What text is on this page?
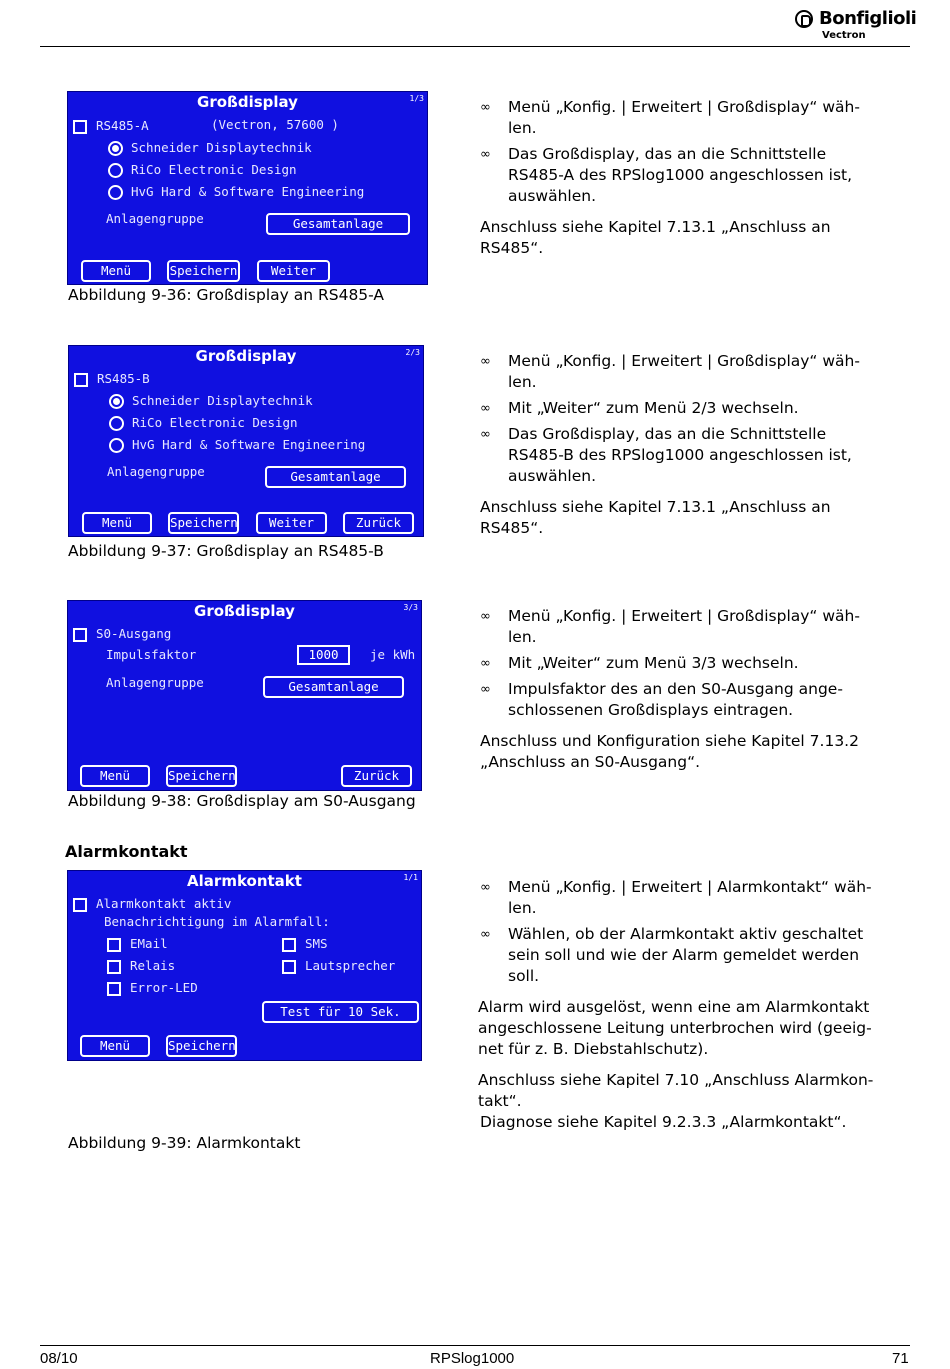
Bonfiglioli
Vectron
Großdisplay	1/3
RS485-A	(Vectron, 57600 )
Schneider Displaytechnik
RiCo Electronic Design
HvG Hard & Software Engineering
Anlagengruppe	Gesamtanlage
Menü	Speichern	Weiter
Abbildung 9-36: Großdisplay an RS485-A
∞ Menü „Konfig. | Erweitert | Großdisplay“ wäh-len.
∞ Das Großdisplay, das an die Schnittstelle RS485-A des RPSlog1000 angeschlossen ist, auswählen.

Anschluss siehe Kapitel 7.13.1 „Anschluss an RS485“.

Großdisplay	2/3
RS485-B
Schneider Displaytechnik
RiCo Electronic Design
HvG Hard & Software Engineering
Anlagengruppe	Gesamtanlage
Menü	Speichern	Weiter	Zurück
Abbildung 9-37: Großdisplay an RS485-B
∞ Menü „Konfig. | Erweitert | Großdisplay“ wäh-len.
∞ Mit „Weiter“ zum Menü 2/3 wechseln.
∞ Das Großdisplay, das an die Schnittstelle RS485-B des RPSlog1000 angeschlossen ist, auswählen.

Anschluss siehe Kapitel 7.13.1 „Anschluss an RS485“.

Großdisplay	3/3
S0-Ausgang
Impulsfaktor	1000	je kWh
Anlagengruppe	Gesamtanlage
Menü	Speichern	Zurück
Abbildung 9-38: Großdisplay am S0-Ausgang
∞ Menü „Konfig. | Erweitert | Großdisplay“ wäh-len.
∞ Mit „Weiter“ zum Menü 3/3 wechseln.
∞ Impulsfaktor des an den S0-Ausgang ange-schlossenen Großdisplays eintragen.

Anschluss und Konfiguration siehe Kapitel 7.13.2 „Anschluss an S0-Ausgang“.

Alarmkontakt
Alarmkontakt	1/1
Alarmkontakt aktiv
Benachrichtigung im Alarmfall:
EMail
Relais
Error-LED
SMS
Lautsprecher
Test für 10 Sek.
Menü	Speichern
Abbildung 9-39: Alarmkontakt
∞ Menü „Konfig. | Erweitert | Alarmkontakt“ wäh-len.
∞ Wählen, ob der Alarmkontakt aktiv geschaltet sein soll und wie der Alarm gemeldet werden soll.

Alarm wird ausgelöst, wenn eine am Alarmkontakt angeschlossene Leitung unterbrochen wird (geeig-net für z. B. Diebstahlschutz).

Anschluss siehe Kapitel 7.10 „Anschluss Alarmkon-takt“.

Diagnose siehe Kapitel 9.2.3.3 „Alarmkontakt“.

08/10	RPSlog1000	71
